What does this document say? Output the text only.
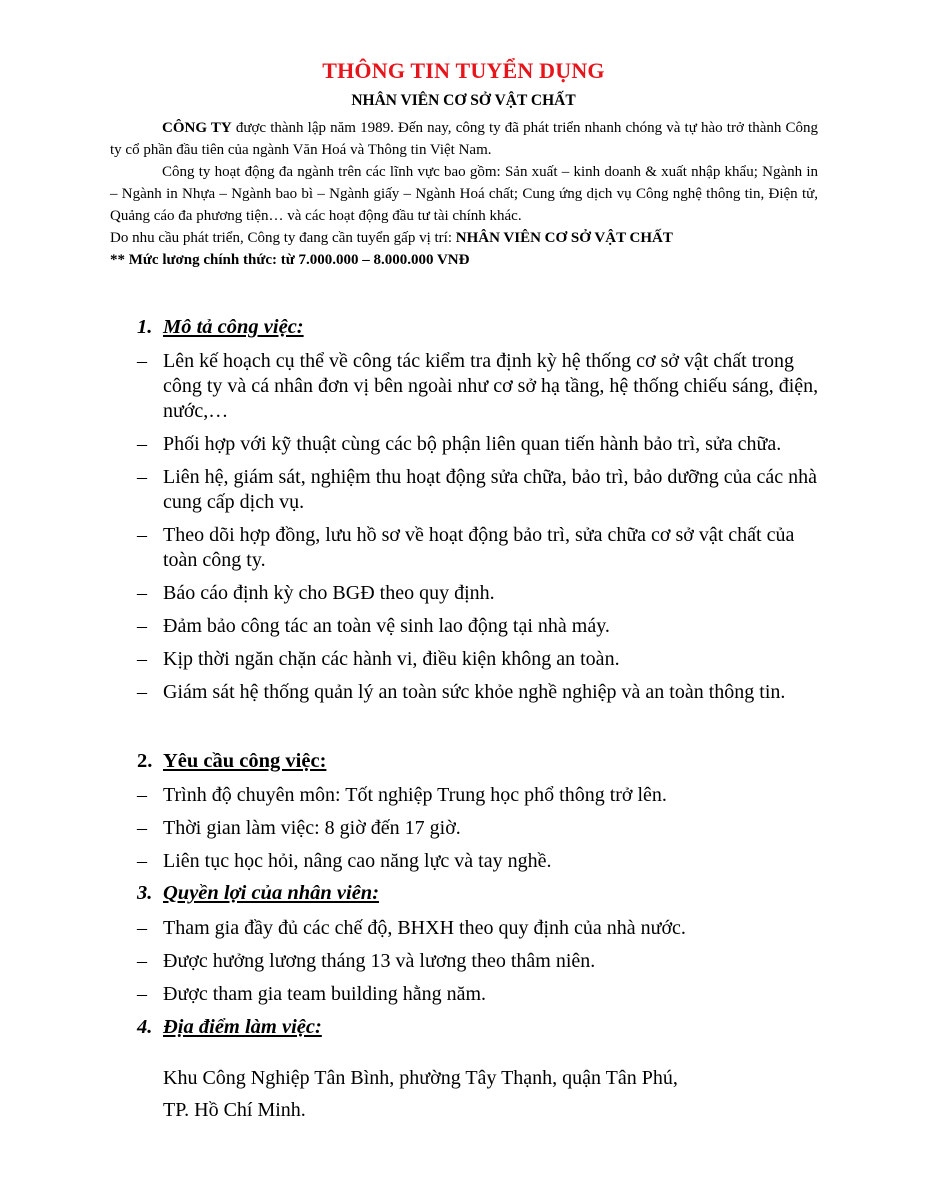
THÔNG TIN TUYỂN DỤNG
NHÂN VIÊN CƠ SỞ VẬT CHẤT

CÔNG TY được thành lập năm 1989. Đến nay, công ty đã phát triển nhanh chóng và tự hào trở thành Công ty cổ phần đầu tiên của ngành Văn Hoá và Thông tin Việt Nam.

Công ty hoạt động đa ngành trên các lĩnh vực bao gồm: Sản xuất – kinh doanh & xuất nhập khẩu; Ngành in – Ngành in Nhựa – Ngành bao bì – Ngành giấy – Ngành Hoá chất; Cung ứng dịch vụ Công nghệ thông tin, Điện tử, Quảng cáo đa phương tiện… và các hoạt động đầu tư tài chính khác.

Do nhu cầu phát triển, Công ty đang cần tuyển gấp vị trí: NHÂN VIÊN CƠ SỞ VẬT CHẤT

** Mức lương chính thức: từ 7.000.000 – 8.000.000 VNĐ

1. Mô tả công việc:
– Lên kế hoạch cụ thể về công tác kiểm tra định kỳ hệ thống cơ sở vật chất trong công ty và cá nhân đơn vị bên ngoài như cơ sở hạ tầng, hệ thống chiếu sáng, điện, nước,…
– Phối hợp với kỹ thuật cùng các bộ phận liên quan tiến hành bảo trì, sửa chữa.
– Liên hệ, giám sát, nghiệm thu hoạt động sửa chữa, bảo trì, bảo dưỡng của các nhà cung cấp dịch vụ.
– Theo dõi hợp đồng, lưu hồ sơ về hoạt động bảo trì, sửa chữa cơ sở vật chất của toàn công ty.
– Báo cáo định kỳ cho BGĐ theo quy định.
– Đảm bảo công tác an toàn vệ sinh lao động tại nhà máy.
– Kịp thời ngăn chặn các hành vi, điều kiện không an toàn.
– Giám sát hệ thống quản lý an toàn sức khỏe nghề nghiệp và an toàn thông tin.
2. Yêu cầu công việc:
– Trình độ chuyên môn: Tốt nghiệp Trung học phổ thông trở lên.
– Thời gian làm việc: 8 giờ đến 17 giờ.
– Liên tục học hỏi, nâng cao năng lực và tay nghề.
3. Quyền lợi của nhân viên:
– Tham gia đầy đủ các chế độ, BHXH theo quy định của nhà nước.
– Được hưởng lương tháng 13 và lương theo thâm niên.
– Được tham gia team building hằng năm.
4. Địa điểm làm việc:

Khu Công Nghiệp Tân Bình, phường Tây Thạnh, quận Tân Phú,

TP. Hồ Chí Minh.
